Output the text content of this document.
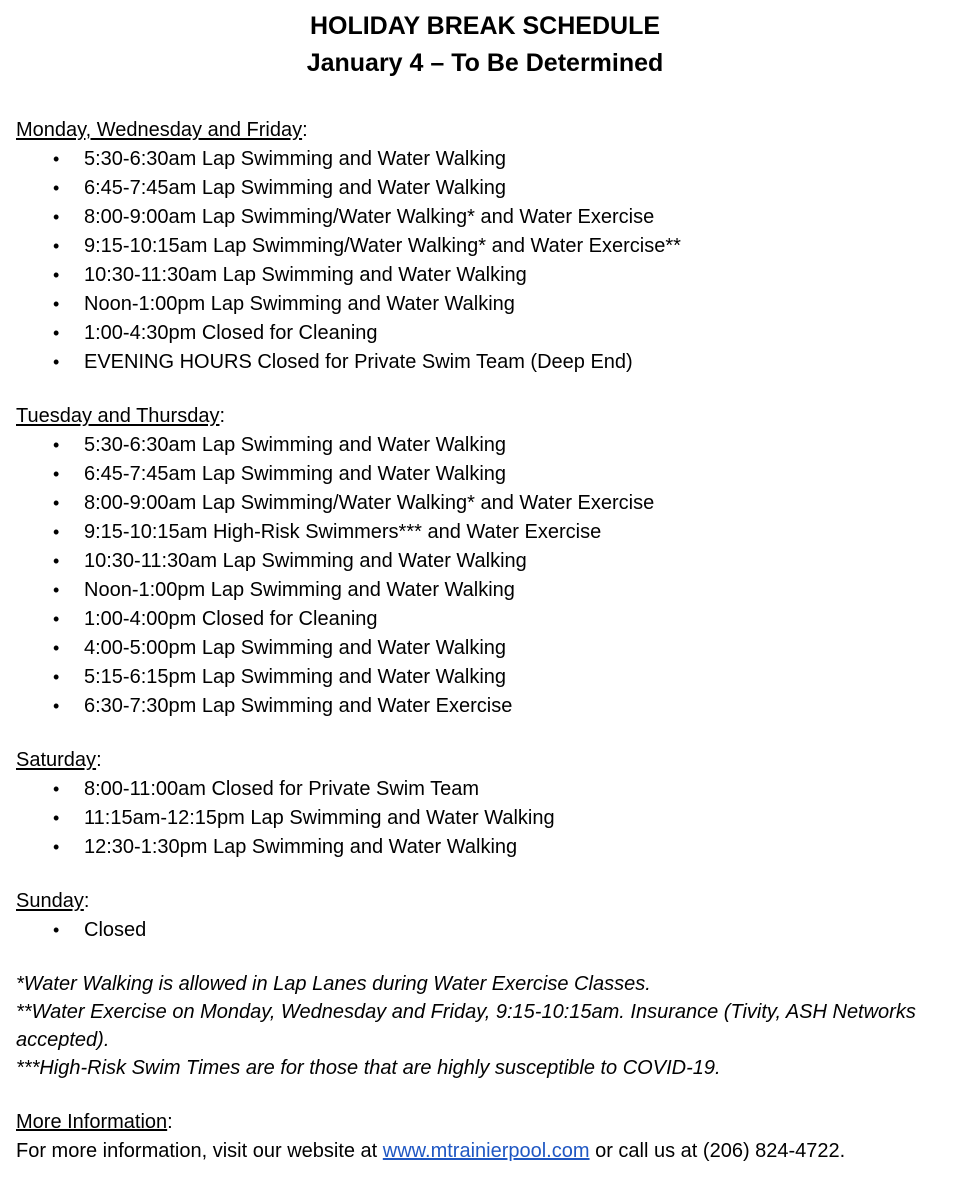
HOLIDAY BREAK SCHEDULE
January 4 – To Be Determined
Monday, Wednesday and Friday:
• 5:30-6:30am Lap Swimming and Water Walking
• 6:45-7:45am Lap Swimming and Water Walking
• 8:00-9:00am Lap Swimming/Water Walking* and Water Exercise
• 9:15-10:15am Lap Swimming/Water Walking* and Water Exercise**
• 10:30-11:30am Lap Swimming and Water Walking
• Noon-1:00pm Lap Swimming and Water Walking
• 1:00-4:30pm Closed for Cleaning
• EVENING HOURS Closed for Private Swim Team (Deep End)
Tuesday and Thursday:
• 5:30-6:30am Lap Swimming and Water Walking
• 6:45-7:45am Lap Swimming and Water Walking
• 8:00-9:00am Lap Swimming/Water Walking* and Water Exercise
• 9:15-10:15am High-Risk Swimmers*** and Water Exercise
• 10:30-11:30am Lap Swimming and Water Walking
• Noon-1:00pm Lap Swimming and Water Walking
• 1:00-4:00pm Closed for Cleaning
• 4:00-5:00pm Lap Swimming and Water Walking
• 5:15-6:15pm Lap Swimming and Water Walking
• 6:30-7:30pm Lap Swimming and Water Exercise
Saturday:
• 8:00-11:00am Closed for Private Swim Team
• 11:15am-12:15pm Lap Swimming and Water Walking
• 12:30-1:30pm Lap Swimming and Water Walking
Sunday:
• Closed

*Water Walking is allowed in Lap Lanes during Water Exercise Classes.

**Water Exercise on Monday, Wednesday and Friday, 9:15-10:15am. Insurance (Tivity, ASH Networks accepted).

***High-Risk Swim Times are for those that are highly susceptible to COVID-19.

More Information:
For more information, visit our website at www.mtrainierpool.com or call us at (206) 824-4722.
